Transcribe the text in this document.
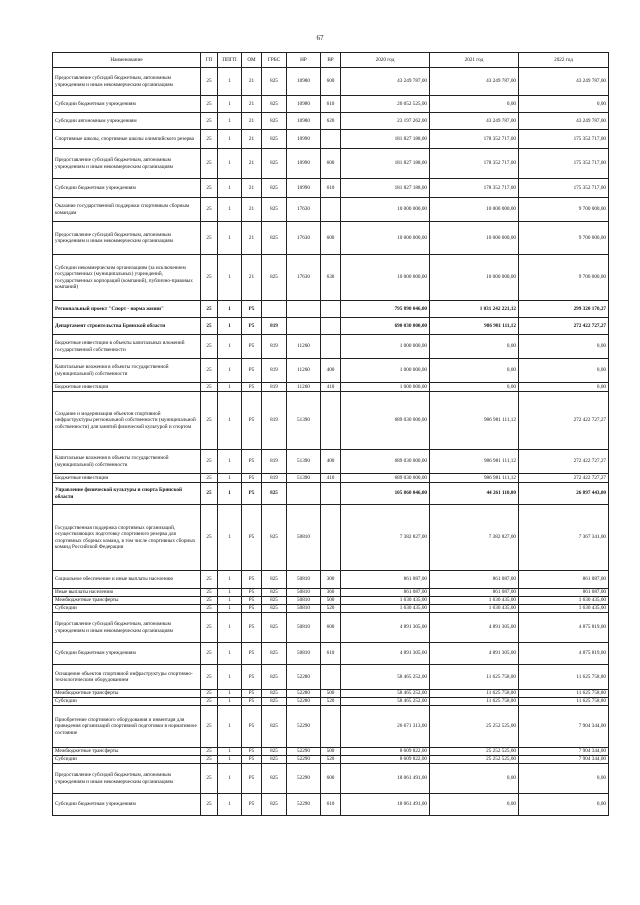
67
Наименование	ГП	ППГП	ОМ	ГРБС	НР	ВР	2020 год	2021 год	2022 год
Предоставление субсидий бюджетным, автономным учреждениям и иным некоммерческим организациям	25	1	21	825	10980	600	43 249 787,00	43 249 787,00	43 249 787,00
Субсидии бюджетным учреждениям	25	1	21	825	10980	610	20 052 525,00	0,00	0,00
Субсидии автономным учреждениям	25	1	21	825	10980	620	23 197 262,00	43 249 787,00	43 249 787,00
Спортивные школы, спортивные школы олимпийского резерва	25	1	21	825	10990		181 827 188,00	178 352 717,00	175 352 717,00
Предоставление субсидий бюджетным, автономным учреждениям и иным некоммерческим организациям	25	1	21	825	10990	600	181 827 188,00	178 352 717,00	175 352 717,00
Субсидии бюджетным учреждениям	25	1	21	825	10990	610	181 827 188,00	178 352 717,00	175 352 717,00
Оказание государственной поддержки спортивным сборным командам	25	1	21	825	17630		10 000 000,00	10 000 000,00	9 700 000,00
Предоставление субсидий бюджетным, автономным учреждениям и иным некоммерческим организациям	25	1	21	825	17630	600	10 000 000,00	10 000 000,00	9 700 000,00
Субсидии некоммерческим организациям (за исключением государственных (муниципальных) учреждений, государственных корпораций (компаний), публично-правовых компаний)	25	1	21	825	17630	630	10 000 000,00	10 000 000,00	9 700 000,00
Региональный проект "Спорт - норма жизни"	25	1	P5				795 890 046,00	1 031 242 221,12	299 320 170,27
Департамент строительства Брянской области	25	1	P5	819			690 030 000,00	986 981 111,12	272 422 727,27
Бюджетные инвестиции в объекты капитальных вложений государственной собственности	25	1	P5	819	11260		1 000 000,00	0,00	0,00
Капитальные вложения в объекты государственной (муниципальной) собственности	25	1	P5	819	11260	400	1 000 000,00	0,00	0,00
Бюджетные инвестиции	25	1	P5	819	11260	410	1 000 000,00	0,00	0,00
Создание и модернизация объектов спортивной инфраструктуры региональной собственности (муниципальной собственности) для занятий физической культурой и спортом	25	1	P5	819	51390		689 030 000,00	986 981 111,12	272 422 727,27
Капитальные вложения в объекты государственной (муниципальной) собственности	25	1	P5	819	51390	400	689 030 000,00	986 981 111,12	272 422 727,27
Бюджетные инвестиции	25	1	P5	819	51390	410	689 030 000,00	986 981 111,12	272 422 727,27
Управление физической культуры и спорта Брянской области	25	1	P5	825			105 860 046,00	44 261 110,00	26 897 443,00
Государственная поддержка спортивных организаций, осуществляющих подготовку спортивного резерва для спортивных сборных команд, в том числе спортивных сборных команд Российской Федерации	25	1	P5	825	50810		7 382 827,00	7 382 827,00	7 367 341,00
Социальное обеспечение и иные выплаты населению	25	1	P5	825	50810	300	861 087,00	861 087,00	861 087,00
Иные выплаты населению	25	1	P5	825	50810	360	861 087,00	861 087,00	861 087,00
Межбюджетные трансферты	25	1	P5	825	50810	500	1 630 435,00	1 630 435,00	1 630 435,00
Субсидии	25	1	P5	825	50810	520	1 630 435,00	1 630 435,00	1 630 435,00
Предоставление субсидий бюджетным, автономным учреждениям и иным некоммерческим организациям	25	1	P5	825	50810	600	4 891 305,00	4 891 305,00	4 875 819,00
Субсидии бюджетным учреждениям	25	1	P5	825	50810	610	4 891 305,00	4 891 305,00	4 875 819,00
Оснащение объектов спортивной инфраструктуры спортивно-технологическим оборудованием	25	1	P5	825	52280		58 465 252,00	11 625 758,00	11 625 758,00
Межбюджетные трансферты	25	1	P5	825	52280	500	58 465 252,00	11 625 758,00	11 625 758,00
Субсидии	25	1	P5	825	52280	520	58 465 252,00	11 625 758,00	11 625 758,00
Приобретение спортивного оборудования и инвентаря для приведения организаций спортивной подготовки в нормативное состояние	25	1	P5	825	52290		26 671 313,00	25 252 525,00	7 904 344,00
Межбюджетные трансферты	25	1	P5	825	52290	500	8 609 822,00	25 252 525,00	7 904 344,00
Субсидии	25	1	P5	825	52290	520	8 609 822,00	25 252 525,00	7 904 344,00
Предоставление субсидий бюджетным, автономным учреждениям и иным некоммерческим организациям	25	1	P5	825	52290	600	18 061 491,00	0,00	0,00
Субсидии бюджетным учреждениям	25	1	P5	825	52290	610	18 061 491,00	0,00	0,00
